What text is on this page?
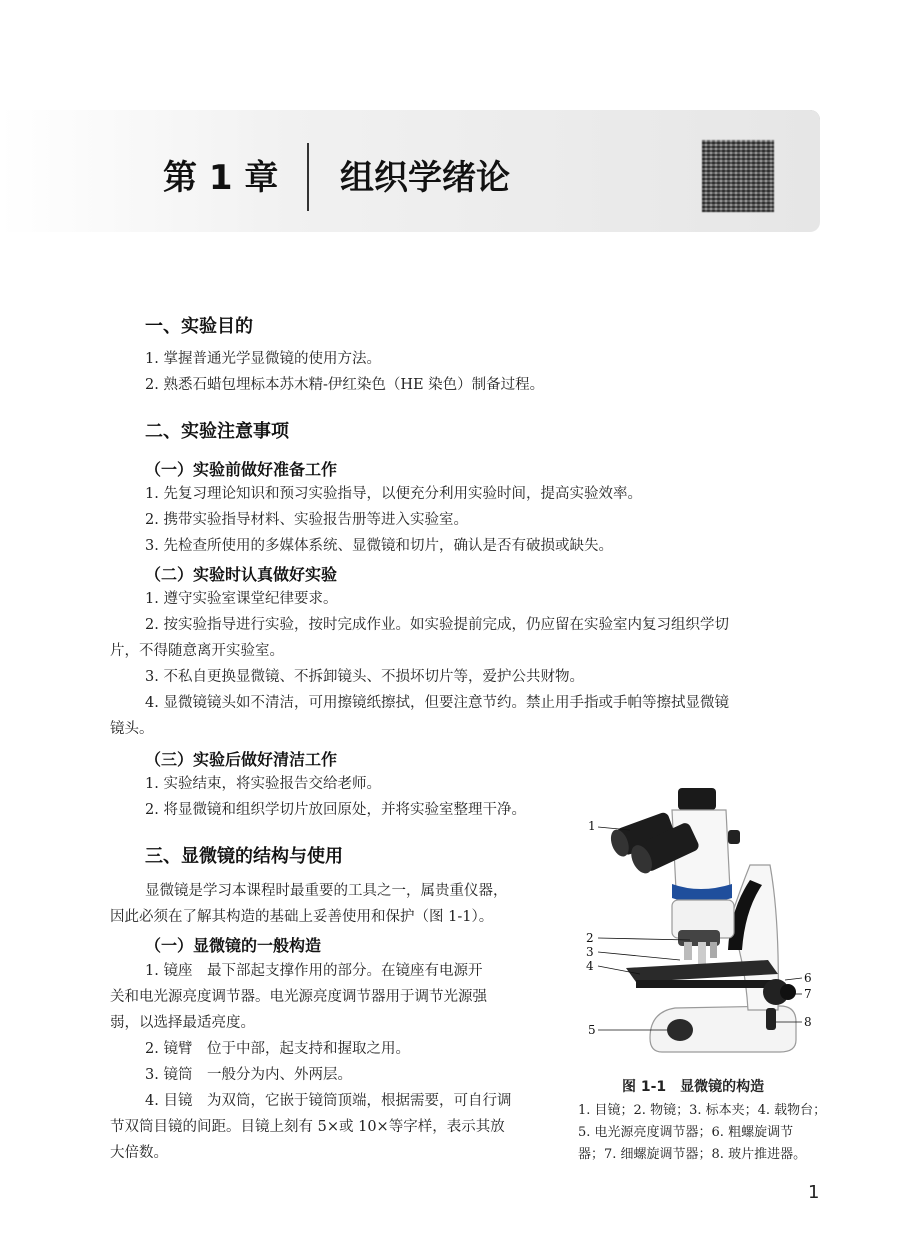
第 1 章 组织学绪论
一、实验目的
1. 掌握普通光学显微镜的使用方法。
2. 熟悉石蜡包埋标本苏木精-伊红染色（HE 染色）制备过程。
二、实验注意事项
（一）实验前做好准备工作
1. 先复习理论知识和预习实验指导，以便充分利用实验时间，提高实验效率。
2. 携带实验指导材料、实验报告册等进入实验室。
3. 先检查所使用的多媒体系统、显微镜和切片，确认是否有破损或缺失。
（二）实验时认真做好实验
1. 遵守实验室课堂纪律要求。
2. 按实验指导进行实验，按时完成作业。如实验提前完成，仍应留在实验室内复习组织学切
片，不得随意离开实验室。
3. 不私自更换显微镜、不拆卸镜头、不损坏切片等，爱护公共财物。
4. 显微镜镜头如不清洁，可用擦镜纸擦拭，但要注意节约。禁止用手指或手帕等擦拭显微镜
镜头。
（三）实验后做好清洁工作
1. 实验结束，将实验报告交给老师。
2. 将显微镜和组织学切片放回原处，并将实验室整理干净。
三、显微镜的结构与使用
显微镜是学习本课程时最重要的工具之一，属贵重仪器，
因此必须在了解其构造的基础上妥善使用和保护（图 1-1）。
（一）显微镜的一般构造
1. 镜座　最下部起支撑作用的部分。在镜座有电源开
关和电光源亮度调节器。电光源亮度调节器用于调节光源强
弱，以选择最适亮度。
2. 镜臂　位于中部，起支持和握取之用。
3. 镜筒　一般分为内、外两层。
4. 目镜　为双筒，它嵌于镜筒顶端，根据需要，可自行调
节双筒目镜的间距。目镜上刻有 5×或 10×等字样，表示其放
大倍数。
1
2
3
4
5
6
7
8
图 1-1　显微镜的构造
1. 目镜；2. 物镜；3. 标本夹；4. 载物台；
5. 电光源亮度调节器；6. 粗螺旋调节
器；7. 细螺旋调节器；8. 玻片推进器。
1
